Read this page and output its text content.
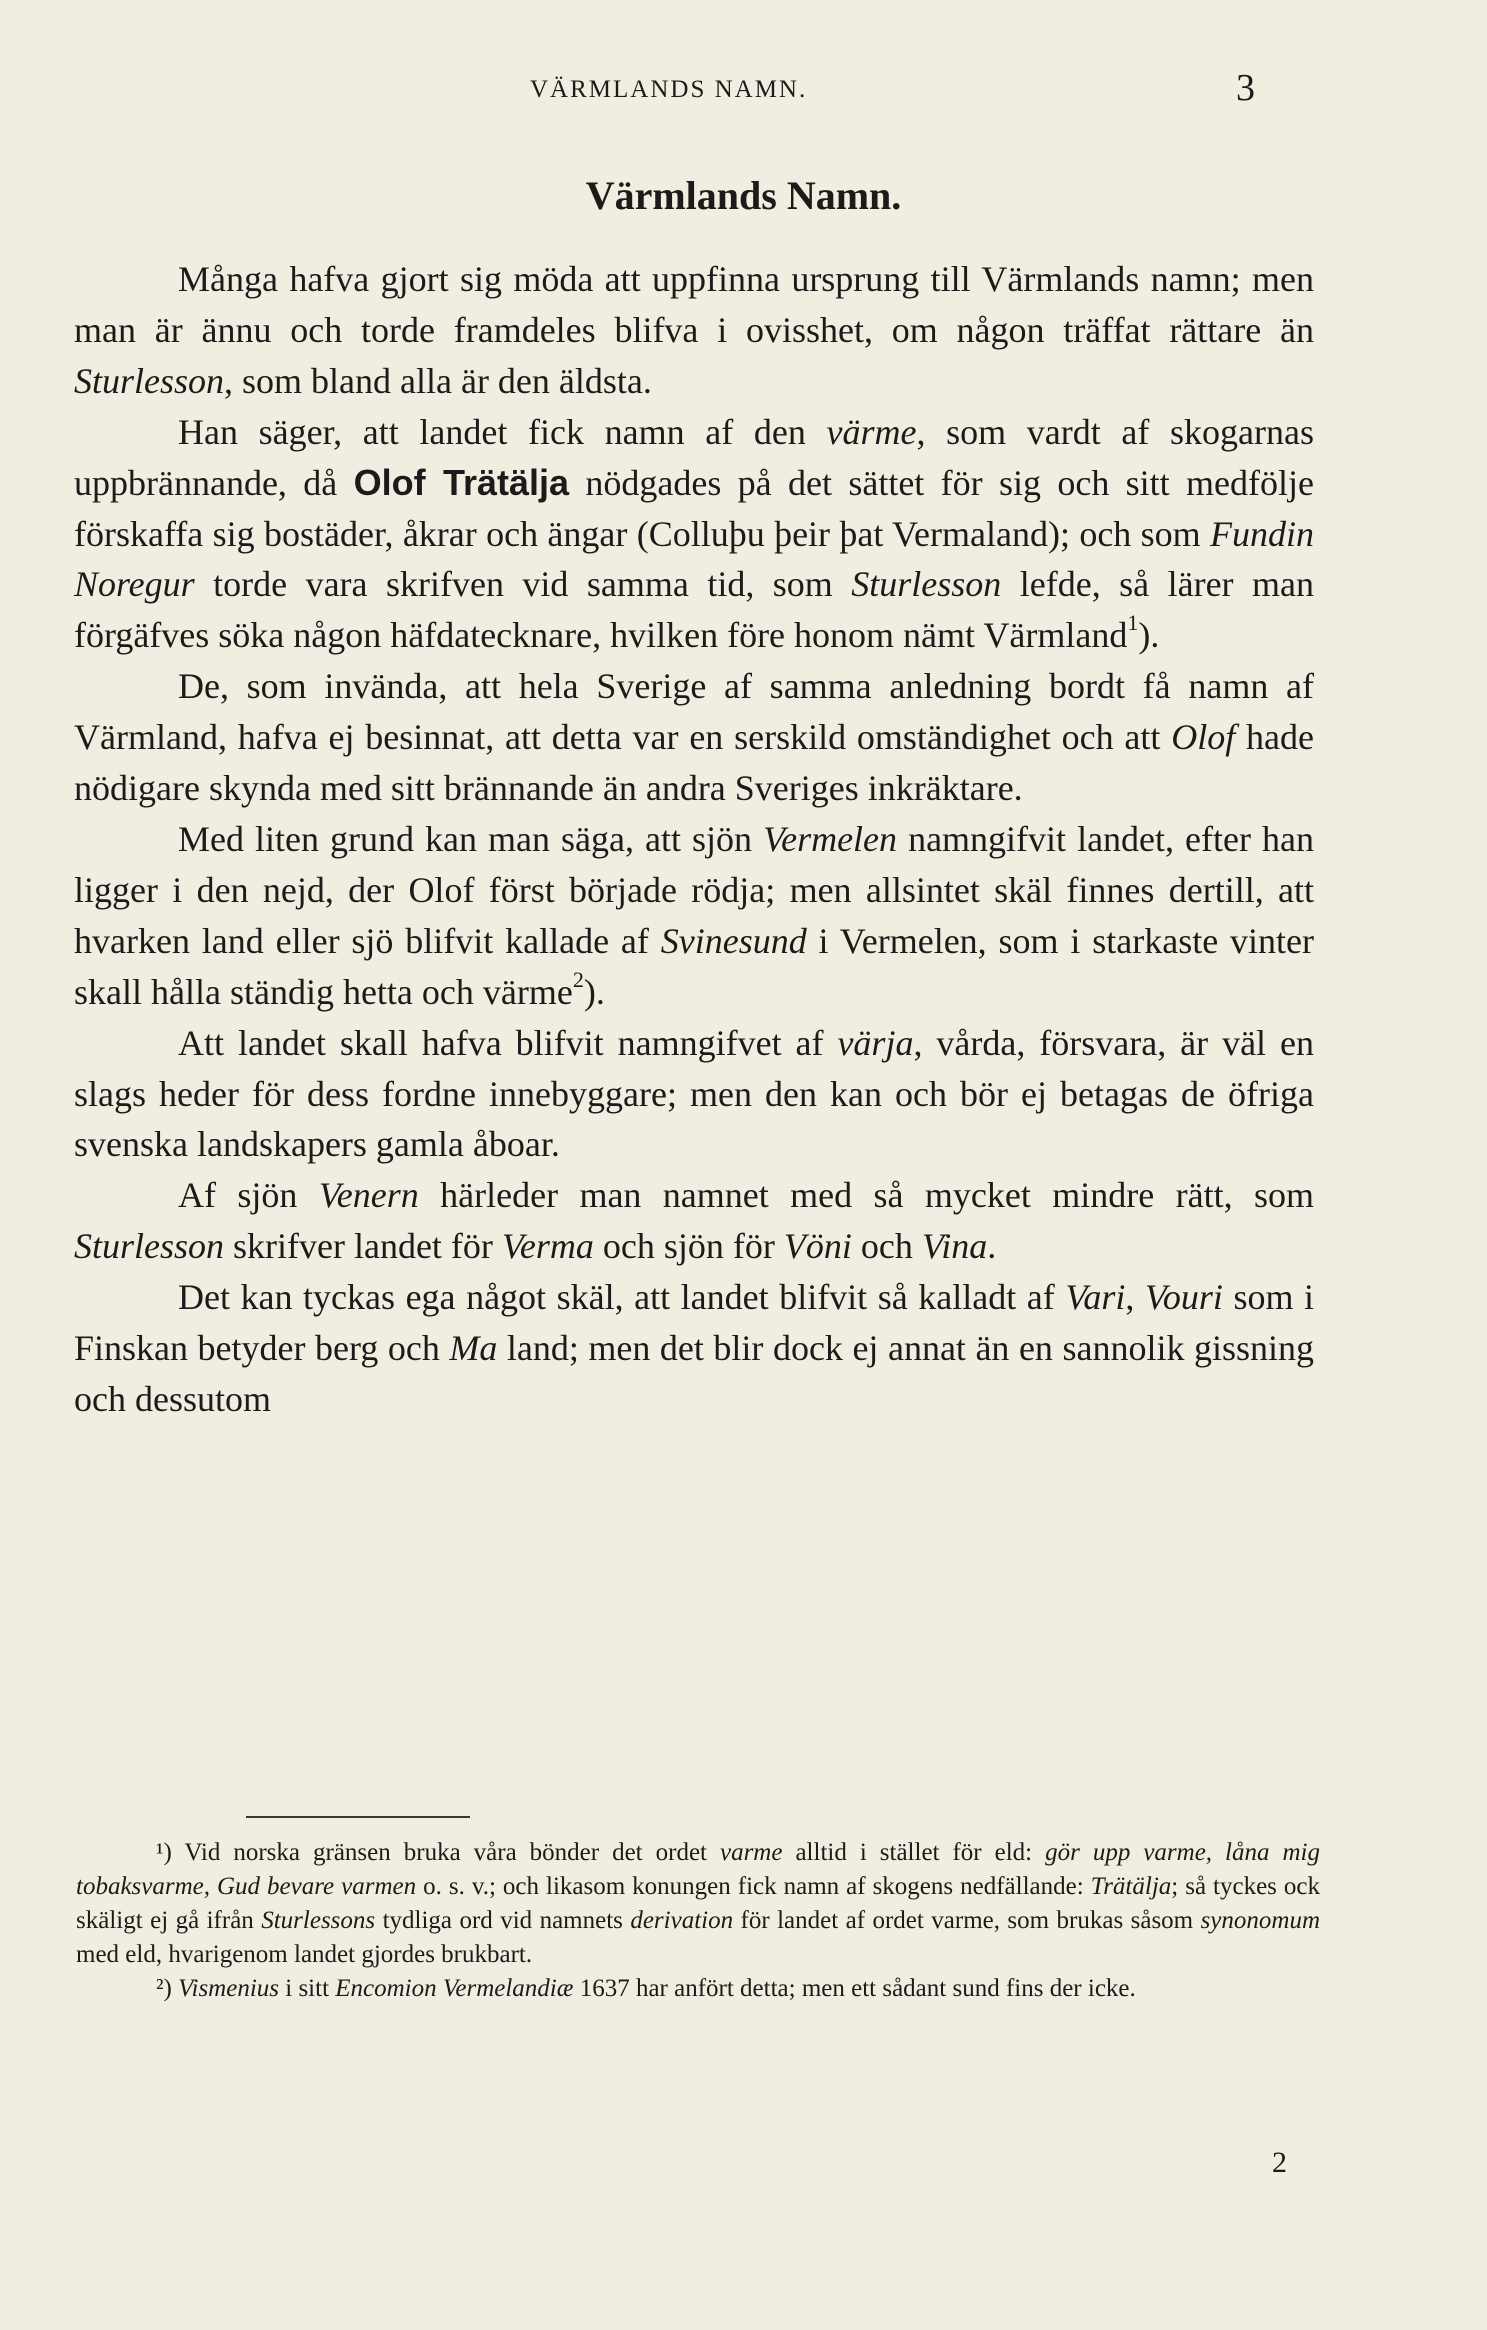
VÄRMLANDS NAMN.	3
Värmlands Namn.

Många hafva gjort sig möda att uppfinna ursprung till Värmlands namn; men man är ännu och torde framdeles blifva i ovisshet, om någon träffat rättare än Sturlesson, som bland alla är den äldsta.

Han säger, att landet fick namn af den värme, som vardt af skogarnas uppbrännande, då Olof Trätälja nödgades på det sättet för sig och sitt medfölje förskaffa sig bostäder, åkrar och ängar (Colluþu þeir þat Vermaland); och som Fundin Noregur torde vara skrifven vid samma tid, som Sturlesson lefde, så lärer man förgäfves söka någon häfdatecknare, hvilken före honom nämt Värmland$^1$).

De, som invända, att hela Sverige af samma anledning bordt få namn af Värmland, hafva ej besinnat, att detta var en serskild omständighet och att Olof hade nödigare skynda med sitt brännande än andra Sveriges inkräktare.

Med liten grund kan man säga, att sjön Vermelen namngifvit landet, efter han ligger i den nejd, der Olof först började rödja; men allsintet skäl finnes dertill, att hvarken land eller sjö blifvit kallade af Svinesund i Vermelen, som i starkaste vinter skall hålla ständig hetta och värme$^2$).

Att landet skall hafva blifvit namngifvet af värja, vårda, försvara, är väl en slags heder för dess fordne innebyggare; men den kan och bör ej betagas de öfriga svenska landskapers gamla åboar.

Af sjön Venern härleder man namnet med så mycket mindre rätt, som Sturlesson skrifver landet för Verma och sjön för Vöni och Vina.

Det kan tyckas ega något skäl, att landet blifvit så kalladt af Vari, Vouri som i Finskan betyder berg och Ma land; men det blir dock ej annat än en sannolik gissning och dessutom

¹) Vid norska gränsen bruka våra bönder det ordet varme alltid i stället för eld: gör upp varme, låna mig tobaksvarme, Gud bevare varmen o. s. v.; och likasom konungen fick namn af skogens nedfällande: Trätälja; så tyckes ock skäligt ej gå ifrån Sturlessons tydliga ord vid namnets derivation för landet af ordet varme, som brukas såsom synonomum med eld, hvarigenom landet gjordes brukbart.

²) Vismenius i sitt Encomion Vermelandiæ 1637 har anfört detta; men ett sådant sund fins der icke.

2
